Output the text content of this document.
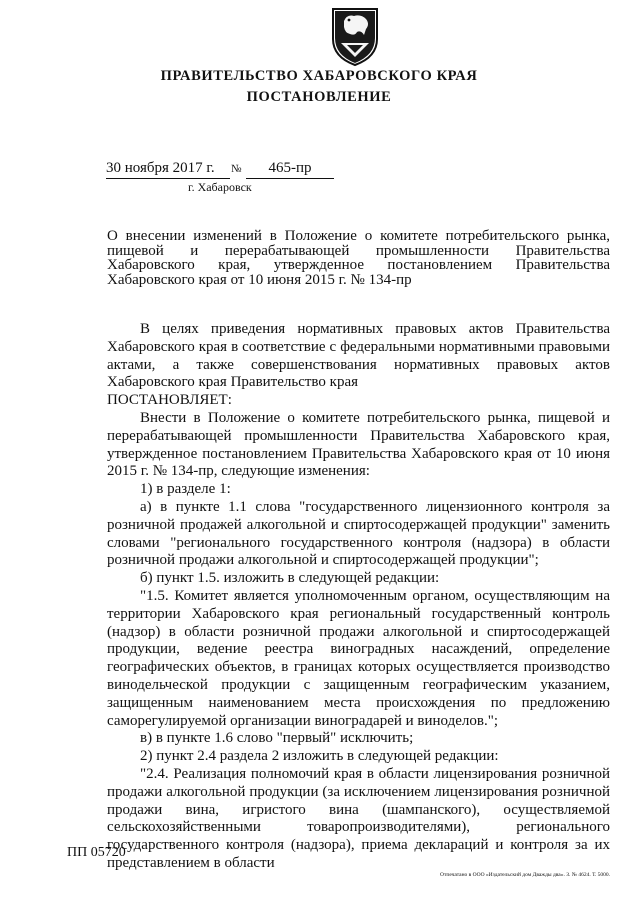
ПРАВИТЕЛЬСТВО ХАБАРОВСКОГО КРАЯ
ПОСТАНОВЛЕНИЕ
30 ноября 2017 г.	№	465-пр
г. Хабаровск
О внесении изменений в Положение о комитете потребительского рынка, пищевой и перерабатывающей промышленности Правительства Хабаровского края, утвержденное постановлением Правительства Хабаровского края от 10 июня 2015 г. № 134-пр

В целях приведения нормативных правовых актов Правительства Хабаровского края в соответствие с федеральными нормативными правовыми актами, а также совершенствования нормативных правовых актов Хабаровского края Правительство края

ПОСТАНОВЛЯЕТ:

Внести в Положение о комитете потребительского рынка, пищевой и перерабатывающей промышленности Правительства Хабаровского края, утвержденное постановлением Правительства Хабаровского края от 10 июня 2015 г. № 134-пр, следующие изменения:

1) в разделе 1:

а) в пункте 1.1 слова "государственного лицензионного контроля за розничной продажей алкогольной и спиртосодержащей продукции" заменить словами "регионального государственного контроля (надзора) в области розничной продажи алкогольной и спиртосодержащей продукции";

б) пункт 1.5. изложить в следующей редакции:

"1.5. Комитет является уполномоченным органом, осуществляющим на территории Хабаровского края региональный государственный контроль (надзор) в области розничной продажи алкогольной и спиртосодержащей продукции, ведение реестра виноградных насаждений, определение географических объектов, в границах которых осуществляется производство винодельческой продукции с защищенным географическим указанием, защищенным наименованием места происхождения по предложению саморегулируемой организации виноградарей и виноделов.";

в) в пункте 1.6 слово "первый" исключить;

2) пункт 2.4 раздела 2 изложить в следующей редакции:

"2.4. Реализация полномочий края в области лицензирования розничной продажи алкогольной продукции (за исключением лицензирования розничной продажи вина, игристого вина (шампанского), осуществляемой сельскохозяйственными товаропроизводителями), регионального государственного контроля (надзора), приема деклараций и контроля за их представлением в области

ПП 05720
Отпечатано в ООО «Издательский дом Дважды два». З. № 4624. Т. 5000.
